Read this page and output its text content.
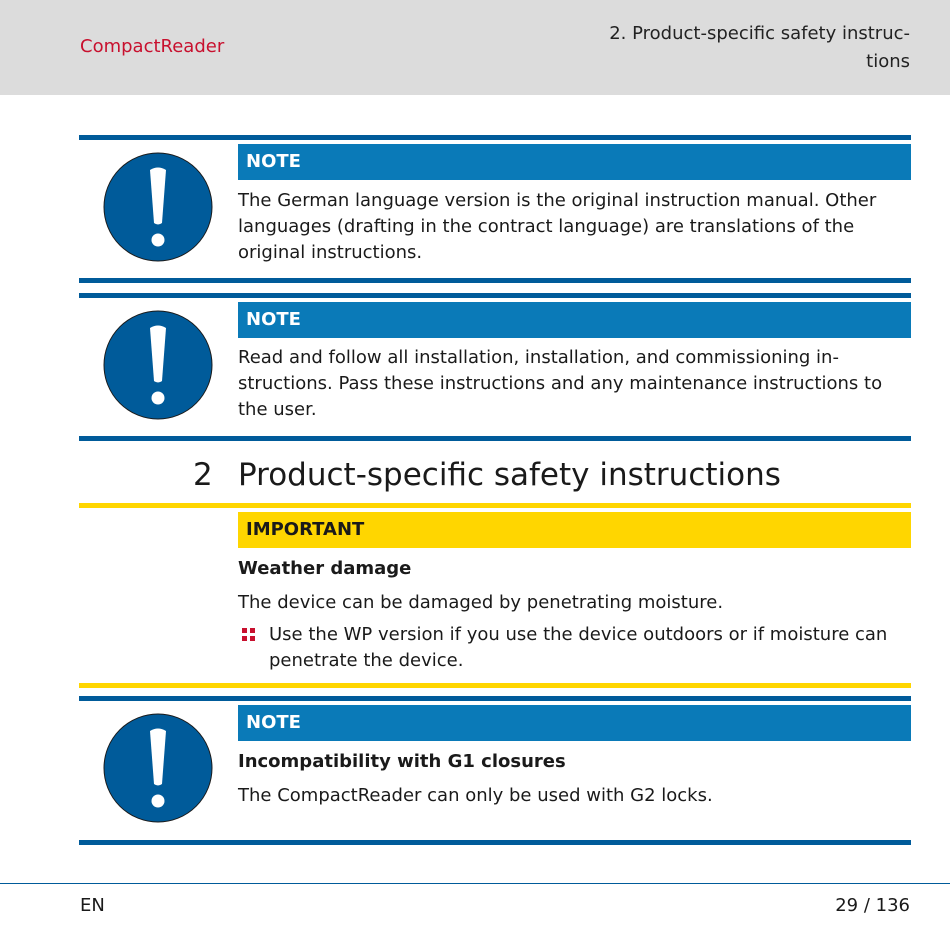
CompactReader
2. Product-specific safety instruc-
tions
NOTE
The German language version is the original instruction manual. Other languages (drafting in the contract language) are translations of the original instructions.
NOTE
Read and follow all installation, installation, and commissioning in-structions. Pass these instructions and any maintenance instructions to the user.
2 Product-specific safety instructions
IMPORTANT
Weather damage
The device can be damaged by penetrating moisture.
Use the WP version if you use the device outdoors or if moisture can penetrate the device.
NOTE
Incompatibility with G1 closures
The CompactReader can only be used with G2 locks.
EN	29 / 136
